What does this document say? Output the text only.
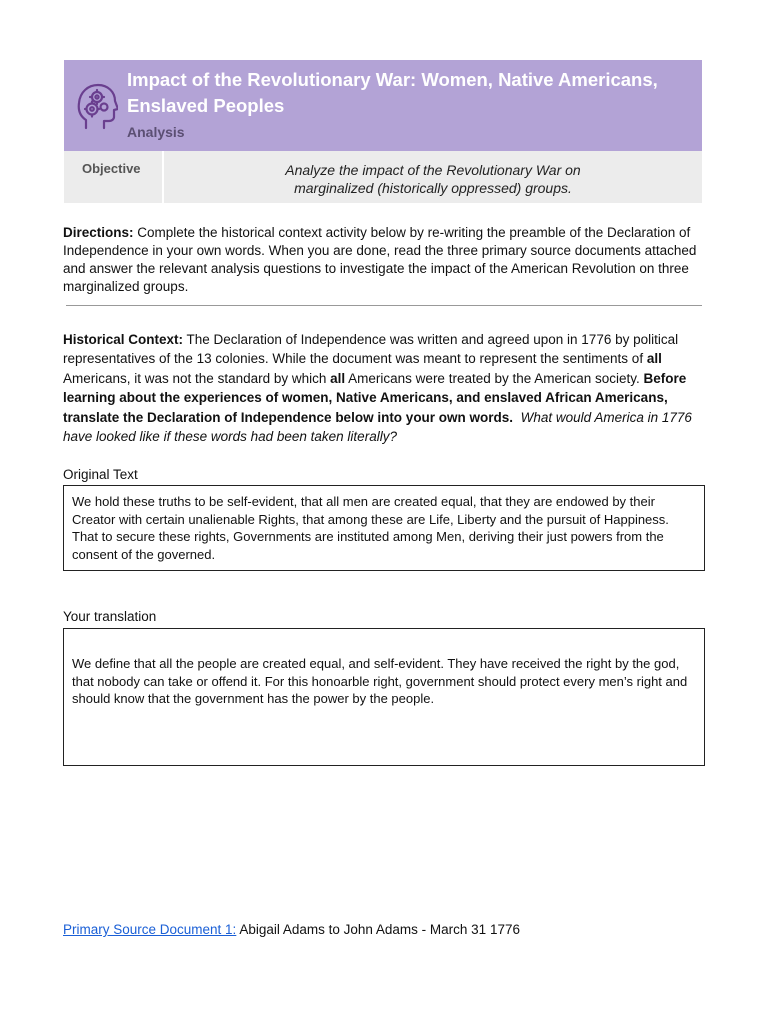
Impact of the Revolutionary War: Women, Native Americans, Enslaved Peoples
Analysis
Objective	Analyze the impact of the Revolutionary War on
marginalized (historically oppressed) groups.
Directions: Complete the historical context activity below by re-writing the preamble of the Declaration of Independence in your own words. When you are done, read the three primary source documents attached and answer the relevant analysis questions to investigate the impact of the American Revolution on three marginalized groups.
Historical Context: The Declaration of Independence was written and agreed upon in 1776 by political representatives of the 13 colonies. While the document was meant to represent the sentiments of all Americans, it was not the standard by which all Americans were treated by the American society. Before learning about the experiences of women, Native Americans, and enslaved African Americans, translate the Declaration of Independence below into your own words. What would America in 1776 have looked like if these words had been taken literally?
Original Text
We hold these truths to be self-evident, that all men are created equal, that they are endowed by their Creator with certain unalienable Rights, that among these are Life, Liberty and the pursuit of Happiness. That to secure these rights, Governments are instituted among Men, deriving their just powers from the consent of the governed.
Your translation
We define that all the people are created equal, and self-evident. They have received the right by the god, that nobody can take or offend it. For this honoarble right, government should protect every men’s right and should know that the government has the power by the people.
Primary Source Document 1: Abigail Adams to John Adams - March 31 1776
